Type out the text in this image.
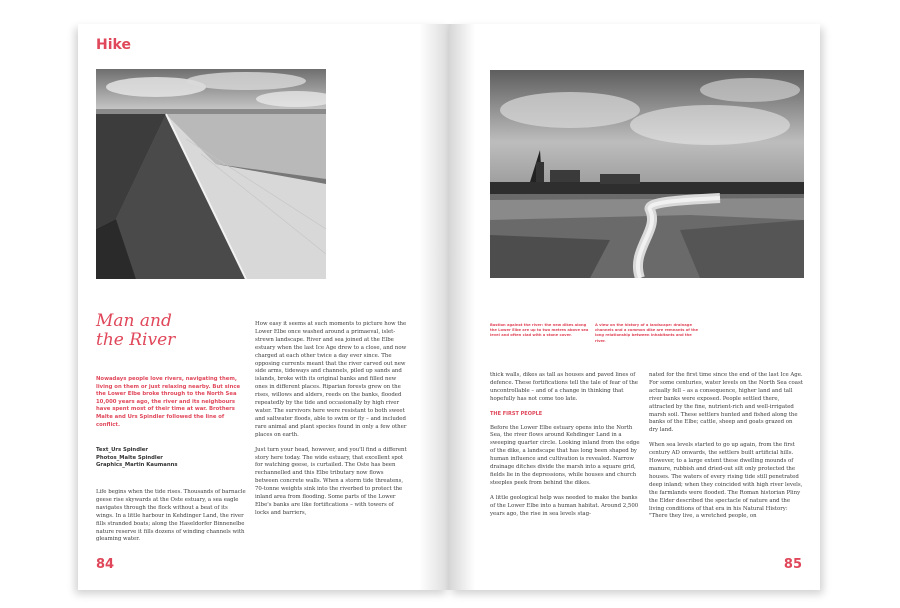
Hike
Man and
the River
Nowadays people love rivers, navigating them, living on them or just relaxing nearby. But since the Lower Elbe broke through to the North Sea 10,000 years ago, the river and its neighbours have spent most of their time at war. Brothers Malte and Urs Spindler followed the line of conflict.
Text_Urs Spindler
Photos_Malte Spindler
Graphics_Martin Kaumanns

Life begins when the tide rises. Thousands of barnacle geese rise skywards at the Oste estuary, a sea eagle navigates through the flock without a beat of its wings. In a little harbour in Kehdinger Land, the river fills stranded boats; along the Haseldorfer Binnenelbe nature reserve it fills dozens of winding channels with gleaming water.

How easy it seems at such moments to picture how the Lower Elbe once washed around a primaeval, islet-strewn landscape. River and sea joined at the Elbe estuary when the last Ice Age drew to a close, and now charged at each other twice a day ever since. The opposing currents meant that the river carved out new side arms, tideways and channels, piled up sands and islands, broke with its original banks and filled new ones in different places. Riparian forests grew on the rises, willows and alders, reeds on the banks, flooded repeatedly by the tide and occasionally by high river water. The survivors here were resistant to both sweet and saltwater floods, able to swim or fly – and included rare animal and plant species found in only a few other places on earth.

Just turn your head, however, and you'll find a different story here today. The wide estuary, that excellent spot for watching geese, is curtailed. The Oste has been rechannelled and this Elbe tributary now flows between concrete walls. When a storm tide threatens, 70-tonne weights sink into the riverbed to protect the inland area from flooding. Some parts of the Lower Elbe's banks are like fortifications – with towers of locks and barriers,

84
Bastion against the river: the new dikes along the Lower Elbe are up to two metres above sea level and often clad with a stone cover.
A view on the history of a landscape: drainage channels and a common dike are remnants of the long relationship between inhabitants and the river.

thick walls, dikes as tall as houses and paved lines of defence. These fortifications tell the tale of fear of the uncontrollable – and of a change in thinking that hopefully has not come too late.

THE FIRST PEOPLE

Before the Lower Elbe estuary opens into the North Sea, the river flows around Kehdinger Land in a sweeping quarter circle. Looking inland from the edge of the dike, a landscape that has long been shaped by human influence and cultivation is revealed. Narrow drainage ditches divide the marsh into a square grid, fields lie in the depressions, while houses and church steeples peek from behind the dikes.

A little geological help was needed to make the banks of the Lower Elbe into a human habitat. Around 2,500 years ago, the rise in sea levels stag-

nated for the first time since the end of the last Ice Age. For some centuries, water levels on the North Sea coast actually fell – as a consequence, higher land and tall river banks were exposed. People settled there, attracted by the fine, nutrient-rich and well-irrigated marsh soil. These settlers hunted and fished along the banks of the Elbe; cattle, sheep and goats grazed on dry land.

When sea levels started to go up again, from the first century AD onwards, the settlers built artificial hills. However, to a large extent these dwelling mounds of manure, rubbish and dried-out silt only protected the houses. The waters of every rising tide still penetrated deep inland; when they coincided with high river levels, the farmlands were flooded. The Roman historian Pliny the Elder described the spectacle of nature and the living conditions of that era in his Natural History: "There they live, a wretched people, on

85
